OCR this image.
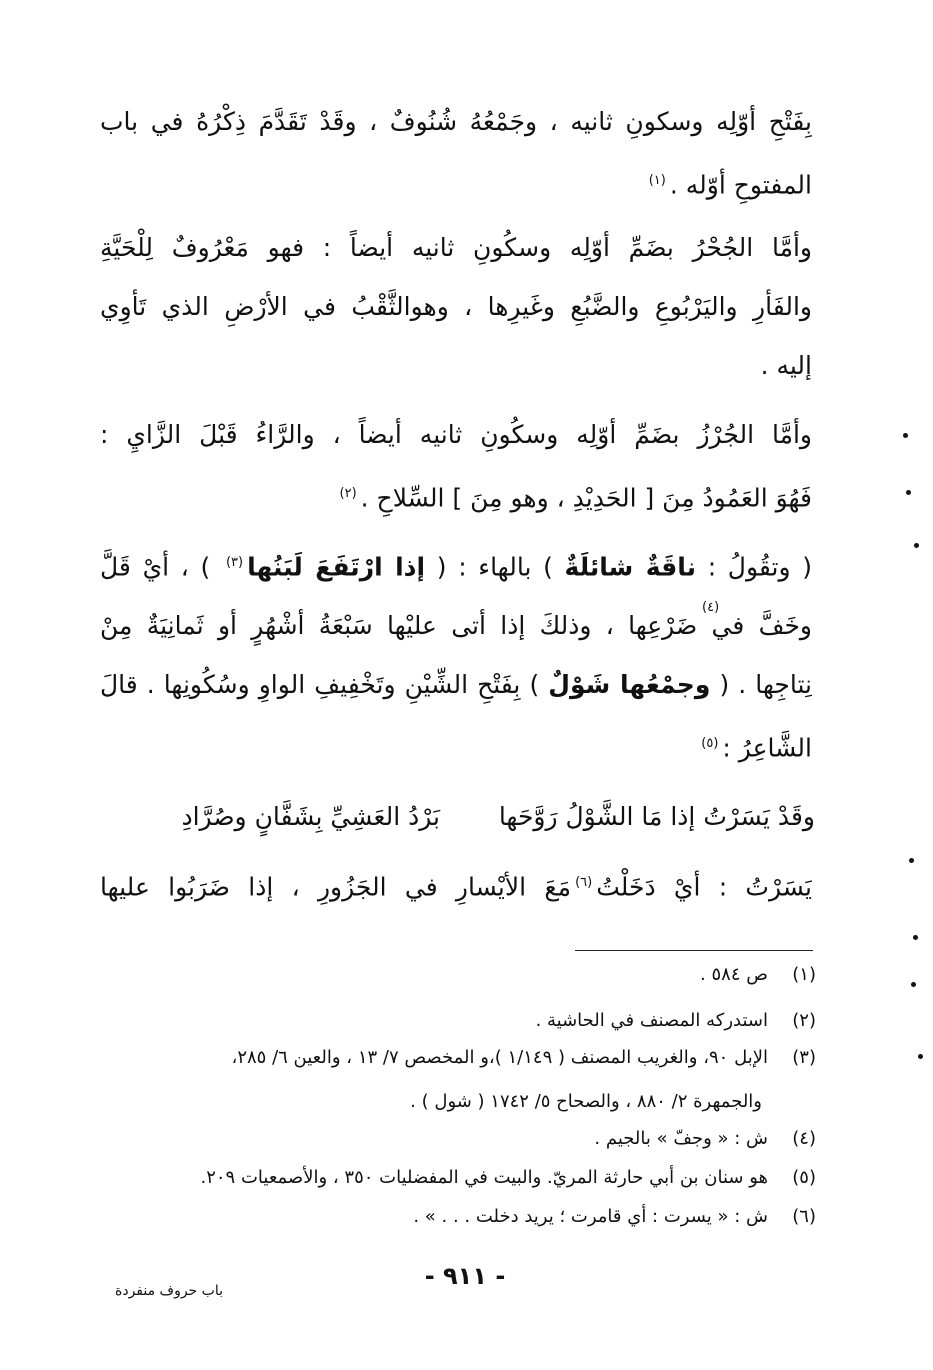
بِفَتْحِ أوّلِه وسكونِ ثانيه ، وجَمْعُهُ شُنُوفٌ ، وقَدْ تَقَدَّمَ ذِكْرُهُ في باب
المفتوحِ أوّله .$^{(١)}$
وأمَّا الجُحْرُ بضَمِّ أوّلِه وسكُونِ ثانيه أيضاً : فهو مَعْرُوفٌ لِلْحَيَّةِ
والفَأرِ واليَرْبُوعِ والضَّبُعِ وغَيرِها ، وهوالثَّقْبُ في الأرْضِ الذي تَأوِي
إليه .
وأمَّا الجُرْزُ بضَمِّ أوّلِه وسكُونِ ثانيه أيضاً ، والرَّاءُ قَبْلَ الزَّايِ :
فَهُوَ العَمُودُ مِنَ [ الحَدِيْدِ ، وهو مِنَ ] السِّلاحِ .$^{(٢)}$
( وتقُولُ : ناقَةٌ شائلَةٌ ) بالهاء : ( إذا ارْتَفَعَ لَبَنُها$^{(٣)}$ ) ، أيْ قَلَّ
وخَفَّ في ضَرْعِها ، وذلكَ إذا أتى عليْها سَبْعَةُ أشْهُرٍ أو ثَمانِيَةٌ مِنْ
نِتاجِها . ( وجمْعُها شَوْلٌ ) بِفَتْحِ الشِّيْنِ وتَخْفِيفِ الواوِ وسُكُونِها . قالَ
الشَّاعِرُ :$^{(٥)}$
(٤)
وقَدْ يَسَرْتُ إذا مَا الشَّوْلُ رَوَّحَها
بَرْدُ العَشِيِّ بِشَفَّانٍ وصُرَّادِ
يَسَرْتُ : أيْ دَخَلْتُ$^{(٦)}$مَعَ الأيْسارِ في الجَزُورِ ، إذا ضَرَبُوا عليها
(١)ص ٥٨٤ .
(٢)استدركه المصنف في الحاشية .
(٣)الإبل ٩٠، والغريب المصنف ( ١/١٤٩ )،و المخصص ٧/ ١٣ ، والعين ٦/ ٢٨٥،
والجمهرة ٢/ ٨٨٠ ، والصحاح ٥/ ١٧٤٢ ( شول ) .
(٤)ش : « وجفّ » بالجيم .
(٥)هو سنان بن أبي حارثة المريّ. والبيت في المفضليات ٣٥٠ ، والأصمعيات ٢٠٩.
(٦)ش : « يسرت : أي قامرت ؛ يريد دخلت . . . » .
- ٩١١ -
باب حروف منفردة
